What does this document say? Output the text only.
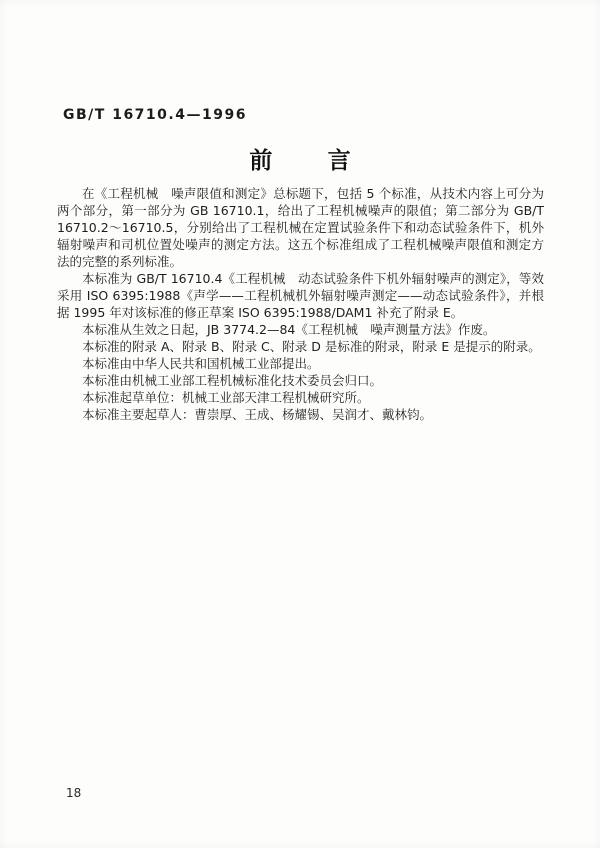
GB/T 16710.4—1996
前言

在《工程机械　噪声限值和测定》总标题下，包括 5 个标准，从技术内容上可分为两个部分，第一部分为 GB 16710.1，给出了工程机械噪声的限值；第二部分为 GB/T 16710.2～16710.5，分别给出了工程机械在定置试验条件下和动态试验条件下，机外辐射噪声和司机位置处噪声的测定方法。这五个标准组成了工程机械噪声限值和测定方法的完整的系列标准。

本标准为 GB/T 16710.4《工程机械　动态试验条件下机外辐射噪声的测定》，等效采用 ISO 6395:1988《声学——工程机械机外辐射噪声测定——动态试验条件》，并根据 1995 年对该标准的修正草案 ISO 6395:1988/DAM1 补充了附录 E。

本标准从生效之日起，JB 3774.2—84《工程机械　噪声测量方法》作废。

本标准的附录 A、附录 B、附录 C、附录 D 是标准的附录，附录 E 是提示的附录。

本标准由中华人民共和国机械工业部提出。

本标准由机械工业部工程机械标准化技术委员会归口。

本标准起草单位：机械工业部天津工程机械研究所。

本标准主要起草人：曹崇厚、王成、杨耀锡、吴润才、戴林钧。

18
